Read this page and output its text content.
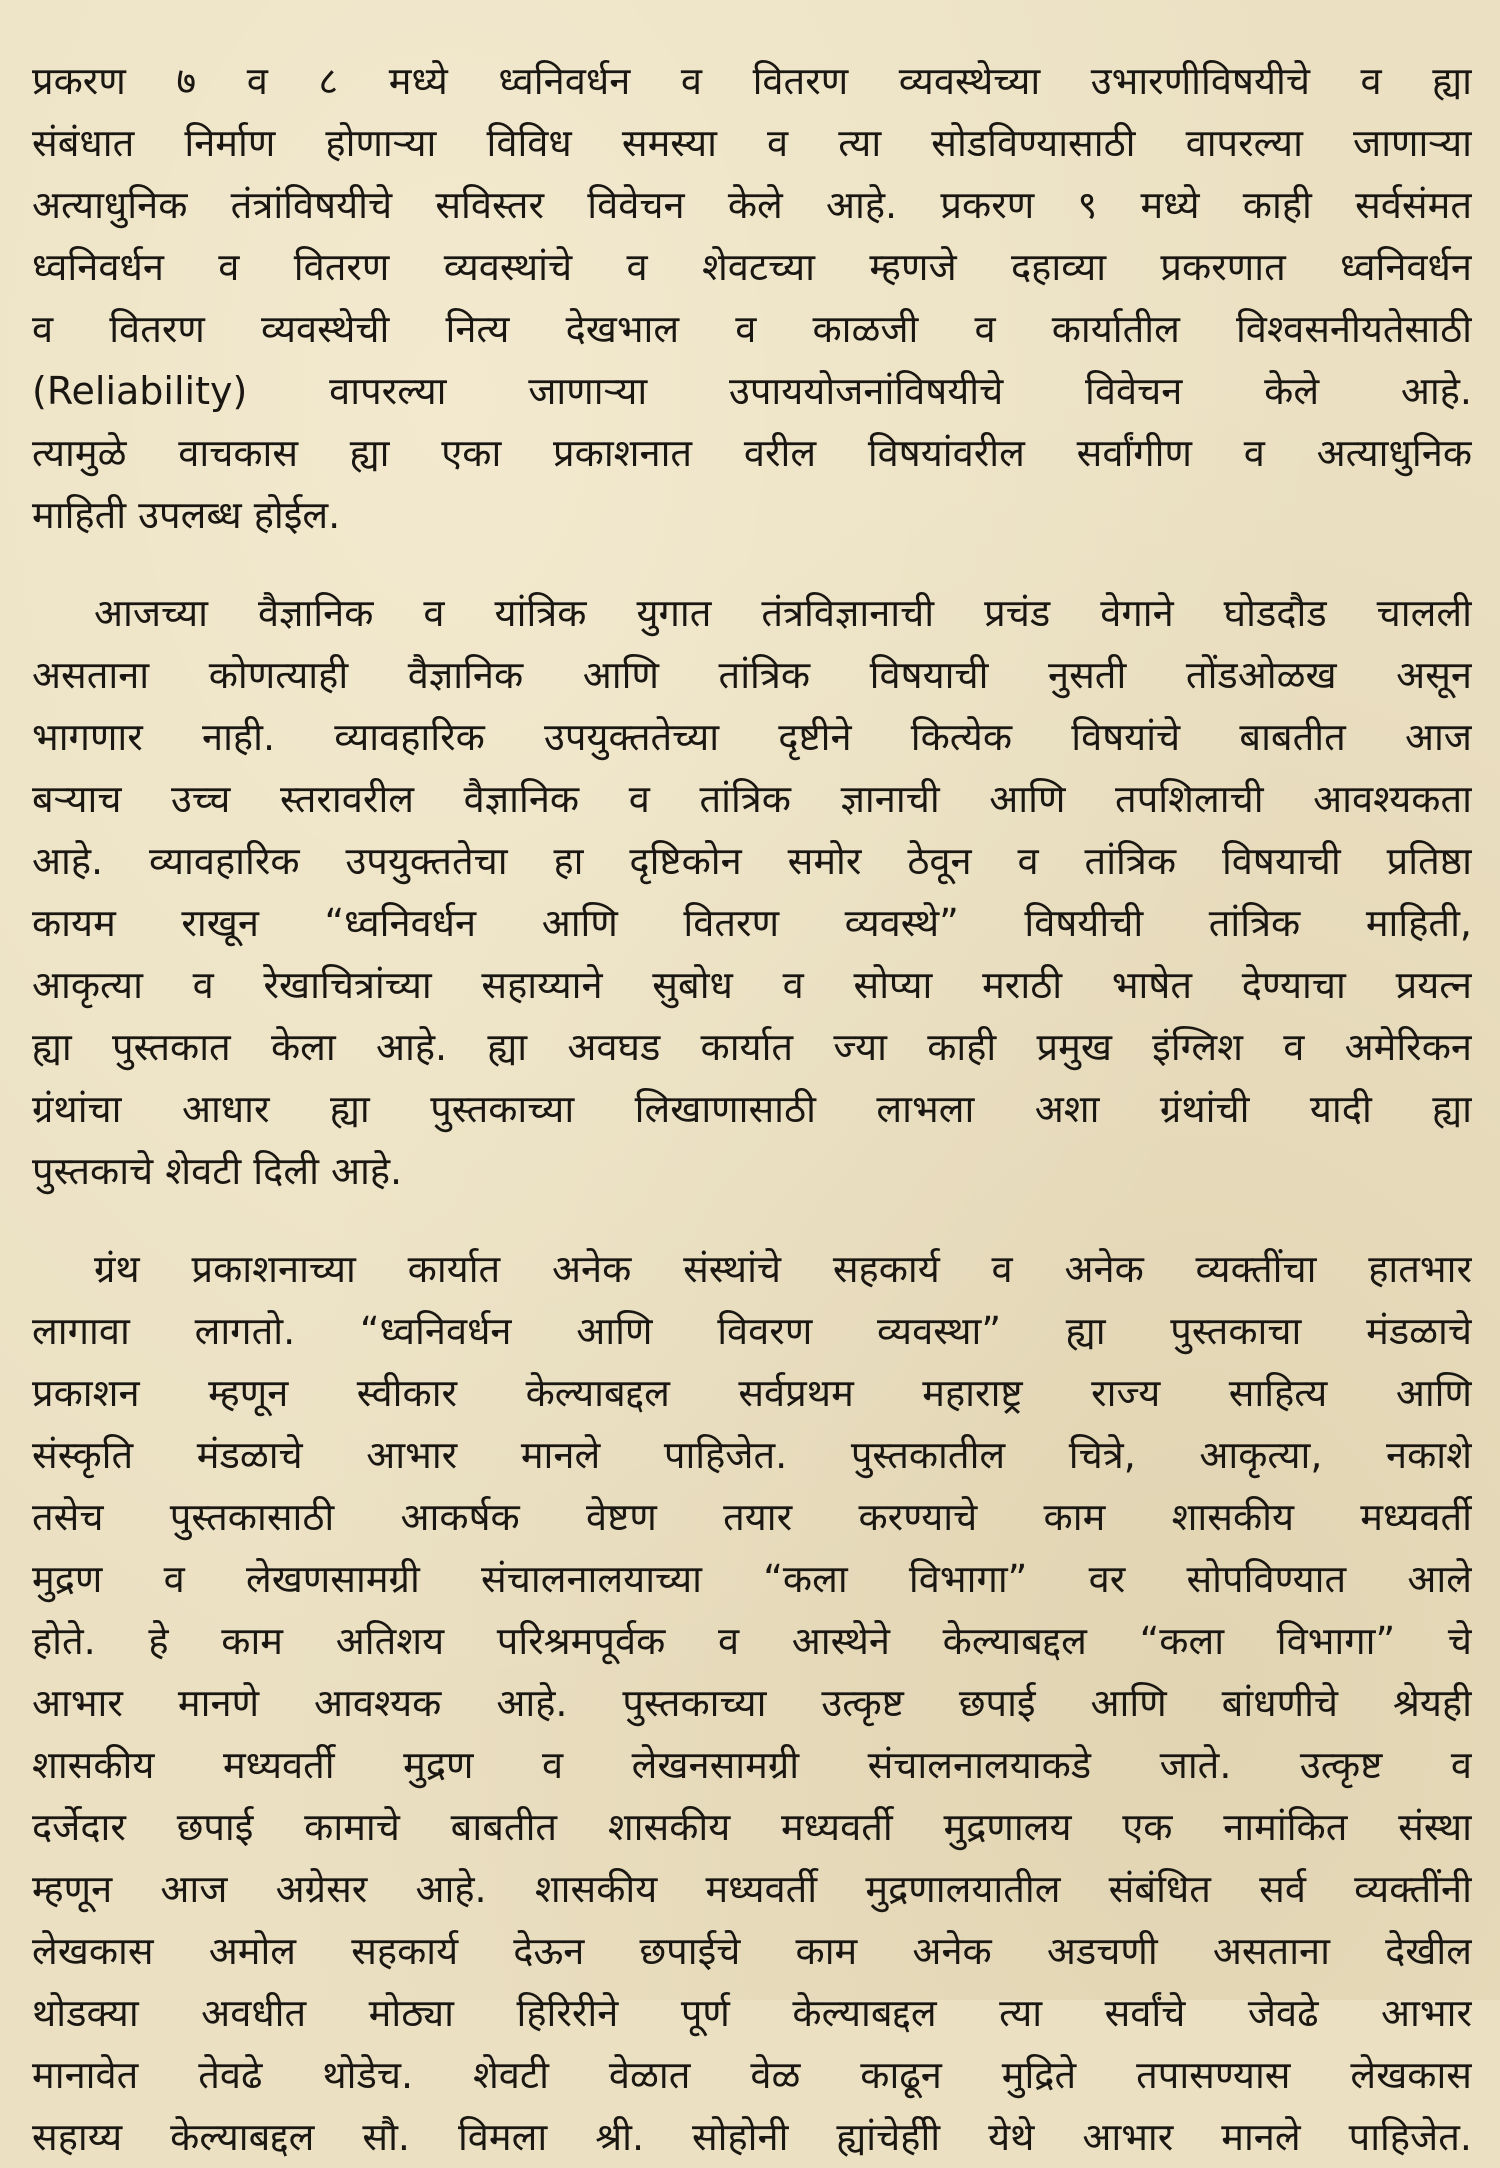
प्रकरण ७ व ८ मध्ये ध्वनिवर्धन व वितरण व्यवस्थेच्या उभारणीविषयीचे व ह्या
संबंधात निर्माण होणाऱ्या विविध समस्या व त्या सोडविण्यासाठी वापरल्या जाणाऱ्या
अत्याधुनिक तंत्रांविषयीचे सविस्तर विवेचन केले आहे. प्रकरण ९ मध्ये काही सर्वसंमत
ध्वनिवर्धन व वितरण व्यवस्थांचे व शेवटच्या म्हणजे दहाव्या प्रकरणात ध्वनिवर्धन
व वितरण व्यवस्थेची नित्य देखभाल व काळजी व कार्यातील विश्वसनीयतेसाठी
(Reliability) वापरल्या जाणाऱ्या उपाययोजनांविषयीचे विवेचन केले आहे.
त्यामुळे वाचकास ह्या एका प्रकाशनात वरील विषयांवरील सर्वांगीण व अत्याधुनिक
माहिती उपलब्ध होईल.
आजच्या वैज्ञानिक व यांत्रिक युगात तंत्रविज्ञानाची प्रचंड वेगाने घोडदौड चालली
असताना कोणत्याही वैज्ञानिक आणि तांत्रिक विषयाची नुसती तोंडओळख असून
भागणार नाही. व्यावहारिक उपयुक्ततेच्या दृष्टीने कित्येक विषयांचे बाबतीत आज
बऱ्याच उच्च स्तरावरील वैज्ञानिक व तांत्रिक ज्ञानाची आणि तपशिलाची आवश्यकता
आहे. व्यावहारिक उपयुक्ततेचा हा दृष्टिकोन समोर ठेवून व तांत्रिक विषयाची प्रतिष्ठा
कायम राखून “ध्वनिवर्धन आणि वितरण व्यवस्थे” विषयीची तांत्रिक माहिती,
आकृत्या व रेखाचित्रांच्या सहाय्याने सुबोध व सोप्या मराठी भाषेत देण्याचा प्रयत्न
ह्या पुस्तकात केला आहे. ह्या अवघड कार्यात ज्या काही प्रमुख इंग्लिश व अमेरिकन
ग्रंथांचा आधार ह्या पुस्तकाच्या लिखाणासाठी लाभला अशा ग्रंथांची यादी ह्या
पुस्तकाचे शेवटी दिली आहे.
ग्रंथ प्रकाशनाच्या कार्यात अनेक संस्थांचे सहकार्य व अनेक व्यक्तींचा हातभार
लागावा लागतो. “ध्वनिवर्धन आणि विवरण व्यवस्था” ह्या पुस्तकाचा मंडळाचे
प्रकाशन म्हणून स्वीकार केल्याबद्दल सर्वप्रथम महाराष्ट्र राज्य साहित्य आणि
संस्कृति मंडळाचे आभार मानले पाहिजेत. पुस्तकातील चित्रे, आकृत्या, नकाशे
तसेच पुस्तकासाठी आकर्षक वेष्टण तयार करण्याचे काम शासकीय मध्यवर्ती
मुद्रण व लेखणसामग्री संचालनालयाच्या “कला विभागा” वर सोपविण्यात आले
होते. हे काम अतिशय परिश्रमपूर्वक व आस्थेने केल्याबद्दल “कला विभागा” चे
आभार मानणे आवश्यक आहे. पुस्तकाच्या उत्कृष्ट छपाई आणि बांधणीचे श्रेयही
शासकीय मध्यवर्ती मुद्रण व लेखनसामग्री संचालनालयाकडे जाते. उत्कृष्ट व
दर्जेदार छपाई कामाचे बाबतीत शासकीय मध्यवर्ती मुद्रणालय एक नामांकित संस्था
म्हणून आज अग्रेसर आहे. शासकीय मध्यवर्ती मुद्रणालयातील संबंधित सर्व व्यक्तींनी
लेखकास अमोल सहकार्य देऊन छपाईचे काम अनेक अडचणी असताना देखील
थोडक्या अवधीत मोठ्या हिरिरीने पूर्ण केल्याबद्दल त्या सर्वांचे जेवढे आभार
मानावेत तेवढे थोडेच. शेवटी वेळात वेळ काढून मुद्रिते तपासण्यास लेखकास
सहाय्य केल्याबद्दल सौ. विमला श्री. सोहोनी ह्यांचेहीी येथे आभार मानले पाहिजेत.
